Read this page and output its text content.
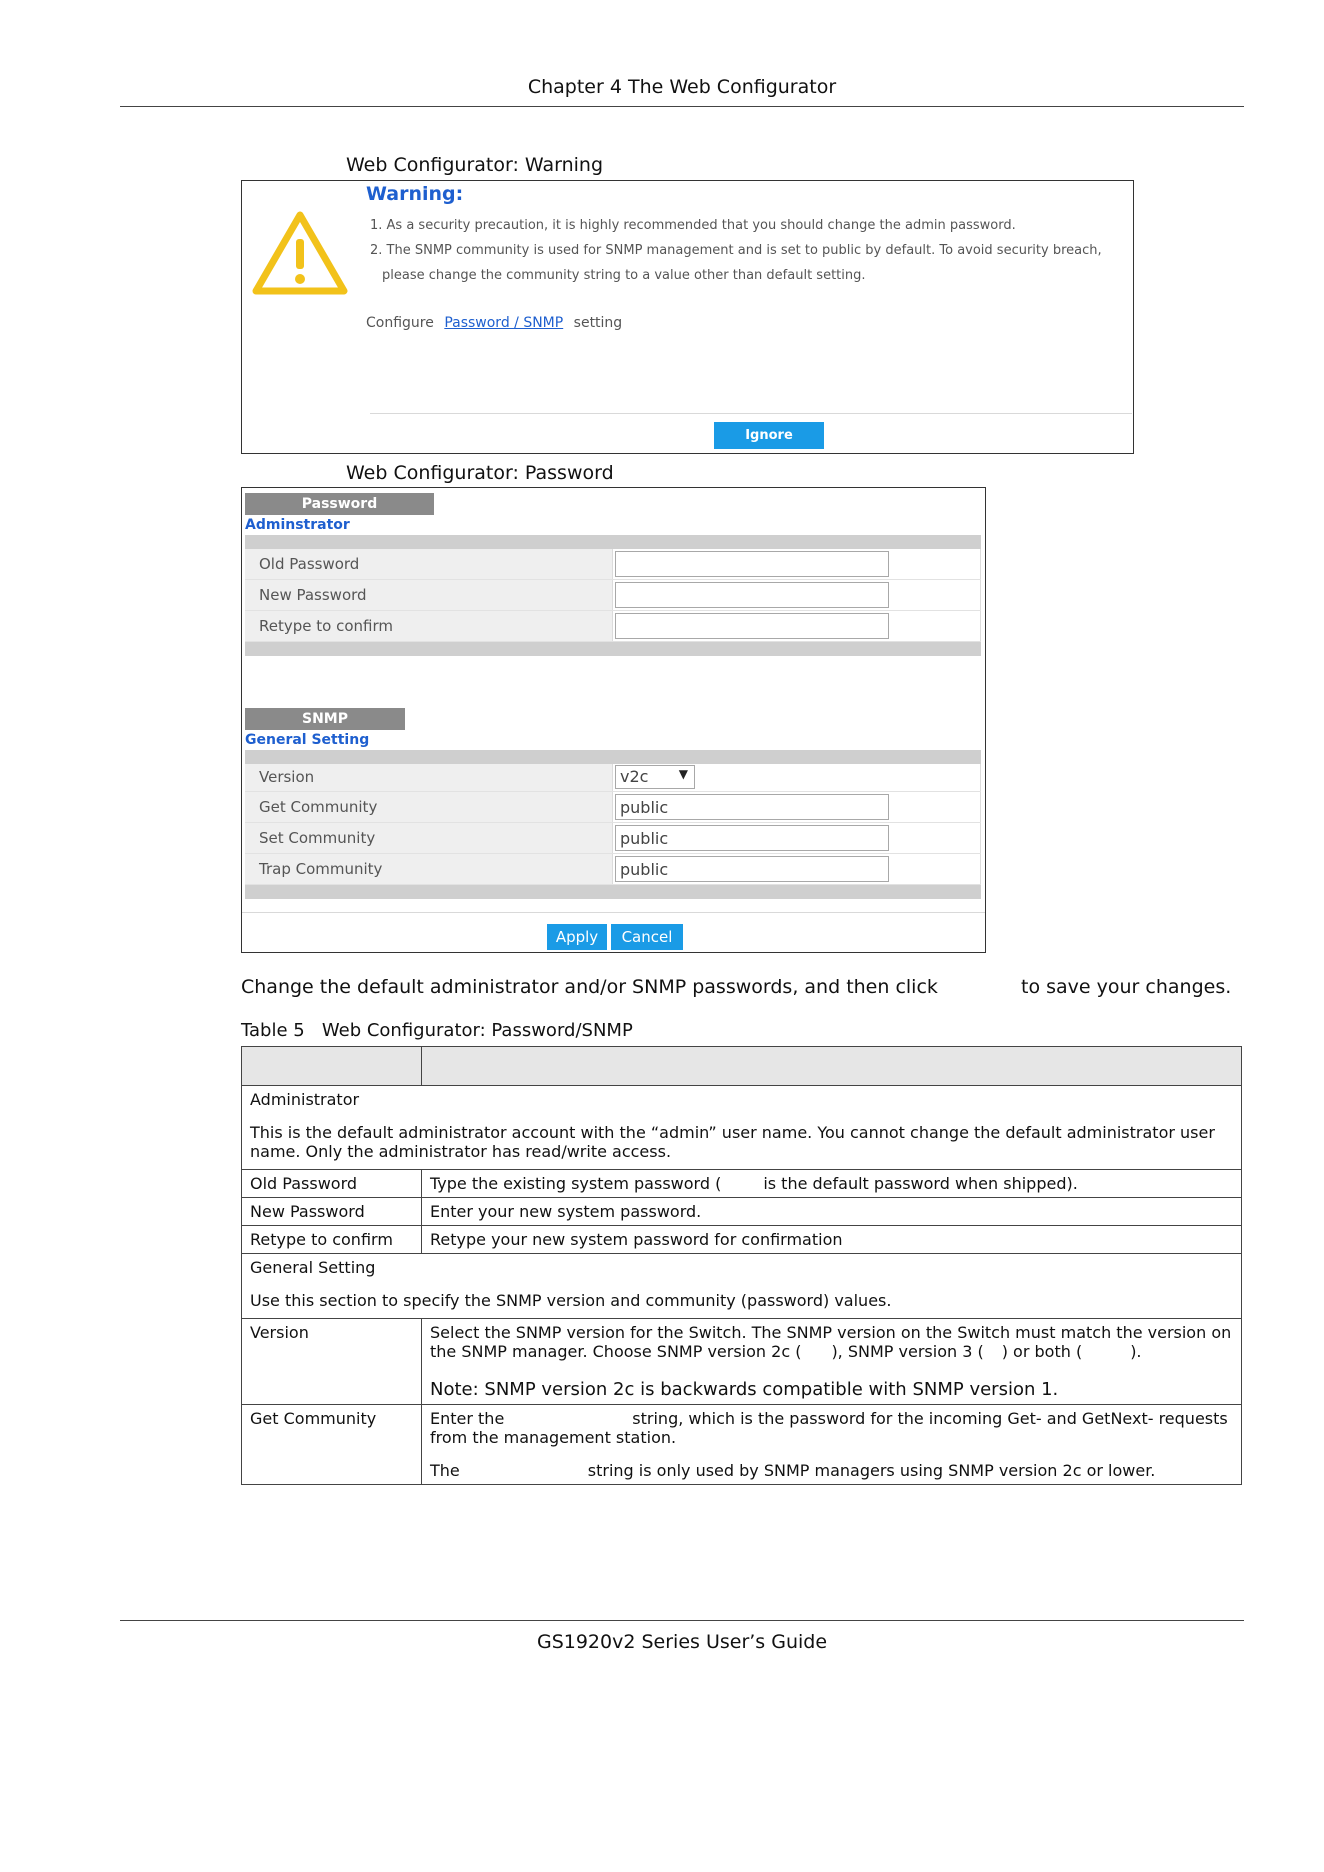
Chapter 4 The Web Configurator
Web Configurator: Warning
Warning:
1. As a security precaution, it is highly recommended that you should change the admin password.
2. The SNMP community is used for SNMP management and is set to public by default. To avoid security breach,
please change the community string to a value other than default setting.
Configure Password / SNMP setting
Ignore
Web Configurator: Password
Password
Adminstrator
Old Password
New Password
Retype to confirm
SNMP
General Setting
Version	v2c	▼
Get Community	public
Set Community	public
Trap Community	public
Apply	Cancel
Change the default administrator and/or SNMP passwords, and then click	to save your changes.
Table 5   Web Configurator: Password/SNMP

Administrator

This is the default administrator account with the “admin” user name. You cannot change the default administrator user name. Only the administrator has read/write access.	

Old Password	Type the existing system password ( is the default password when shipped).
New Password	Enter your new system password.
Retype to confirm	Retype your new system password for confirmation

General Setting

Use this section to specify the SNMP version and community (password) values.	

Version	Select the SNMP version for the Switch. The SNMP version on the Switch must match the version on the SNMP manager. Choose SNMP version 2c ( ), SNMP version 3 ( ) or both ( ).

Note: SNMP version 2c is backwards compatible with SNMP version 1.

Get Community	Enter the string, which is the password for the incoming Get- and GetNext- requests from the management station.

The string is only used by SNMP managers using SNMP version 2c or lower.

GS1920v2 Series User’s Guide
